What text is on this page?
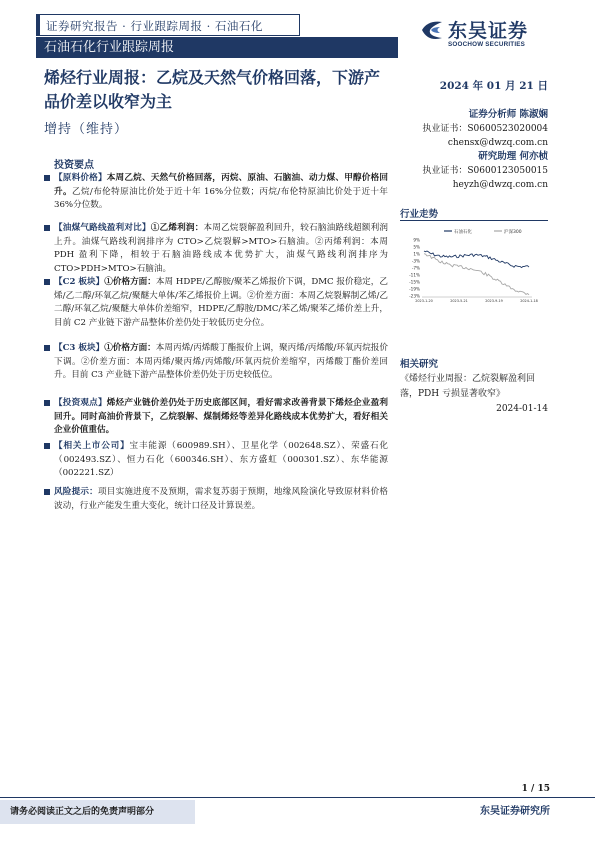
证券研究报告 · 行业跟踪周报 · 石油石化
石油石化行业跟踪周报
东吴证券
SOOCHOW SECURITIES
烯烃行业周报：乙烷及天然气价格回落，下游产品价差以收窄为主
增持（维持）
2024 年 01 月 21 日
证券分析师 陈淑娴
执业证书：S0600523020004
chensx@dwzq.com.cn
研究助理 何亦桢
执业证书：S0600123050015
heyzh@dwzq.com.cn
投资要点
【原料价格】本周乙烷、天然气价格回落，丙烷、原油、石脑油、动力煤、甲醇价格回升。乙烷/布伦特原油比价处于近十年 16%分位数；丙烷/布伦特原油比价处于近十年 36%分位数。
【油煤气路线盈利对比】①乙烯利润：本周乙烷裂解盈利回升，较石脑油路线超额利润上升。油煤气路线利润排序为 CTO>乙烷裂解>MTO>石脑油。②丙烯利润：本周 PDH 盈利下降，相较于石脑油路线成本优势扩大，油煤气路线利润排序为 CTO>PDH>MTO>石脑油。
【C2 板块】①价格方面：本周 HDPE/乙醇胺/聚苯乙烯报价下调，DMC 报价稳定，乙烯/乙二醇/环氧乙烷/聚醚大单体/苯乙烯报价上调。②价差方面：本周乙烷裂解制乙烯/乙二醇/环氧乙烷/聚醚大单体价差缩窄，HDPE/乙醇胺/DMC/苯乙烯/聚苯乙烯价差上升，目前 C2 产业链下游产品整体价差仍处于较低历史分位。
【C3 板块】①价格方面：本周丙烯/丙烯酸丁酯报价上调，聚丙烯/丙烯酸/环氧丙烷报价下调。②价差方面：本周丙烯/聚丙烯/丙烯酸/环氧丙烷价差缩窄，丙烯酸丁酯价差回升。目前 C3 产业链下游产品整体价差仍处于历史较低位。
【投资观点】烯烃产业链价差仍处于历史底部区间，看好需求改善背景下烯烃企业盈利回升。同时高油价背景下，乙烷裂解、煤制烯烃等差异化路线成本优势扩大，看好相关企业价值重估。
【相关上市公司】宝丰能源（600989.SH）、卫星化学（002648.SZ）、荣盛石化（002493.SZ）、恒力石化（600346.SH）、东方盛虹（000301.SZ）、东华能源（002221.SZ）
风险提示：项目实施进度不及预期，需求复苏弱于预期，地缘风险演化导致原材料价格波动，行业产能发生重大变化，统计口径及计算误差。
行业走势
石油石化	沪深300
9%
5%
1%
-3%
-7%
-11%
-15%
-19%
-23%
2023-1-20	2023-5-21	2023-9-19	2024-1-18
相关研究
《烯烃行业周报：乙烷裂解盈利回落，PDH 亏损显著收窄》
2024-01-14
1 / 15
请务必阅读正文之后的免责声明部分	东吴证券研究所
